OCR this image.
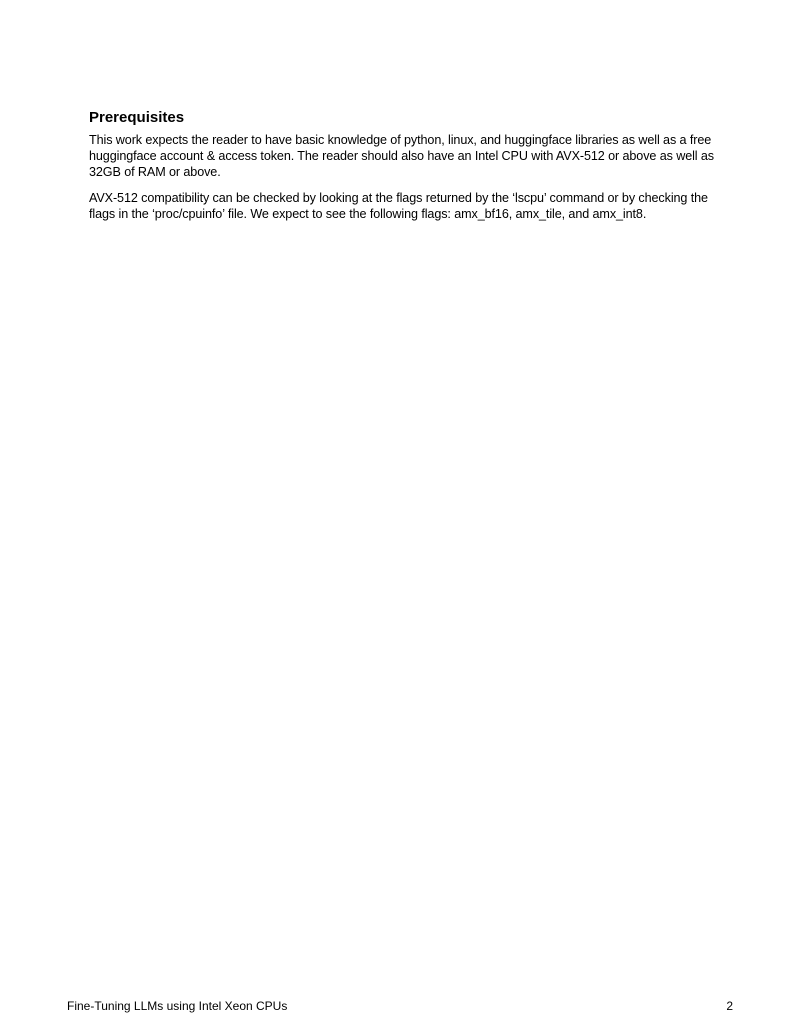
Prerequisites

This work expects the reader to have basic knowledge of python, linux, and huggingface libraries as well as a free huggingface account & access token. The reader should also have an Intel CPU with AVX-512 or above as well as 32GB of RAM or above.

AVX-512 compatibility can be checked by looking at the flags returned by the ‘lscpu’ command or by checking the flags in the ‘proc/cpuinfo’ file. We expect to see the following flags: amx_bf16, amx_tile, and amx_int8.

Fine-Tuning LLMs using Intel Xeon CPUs	2
